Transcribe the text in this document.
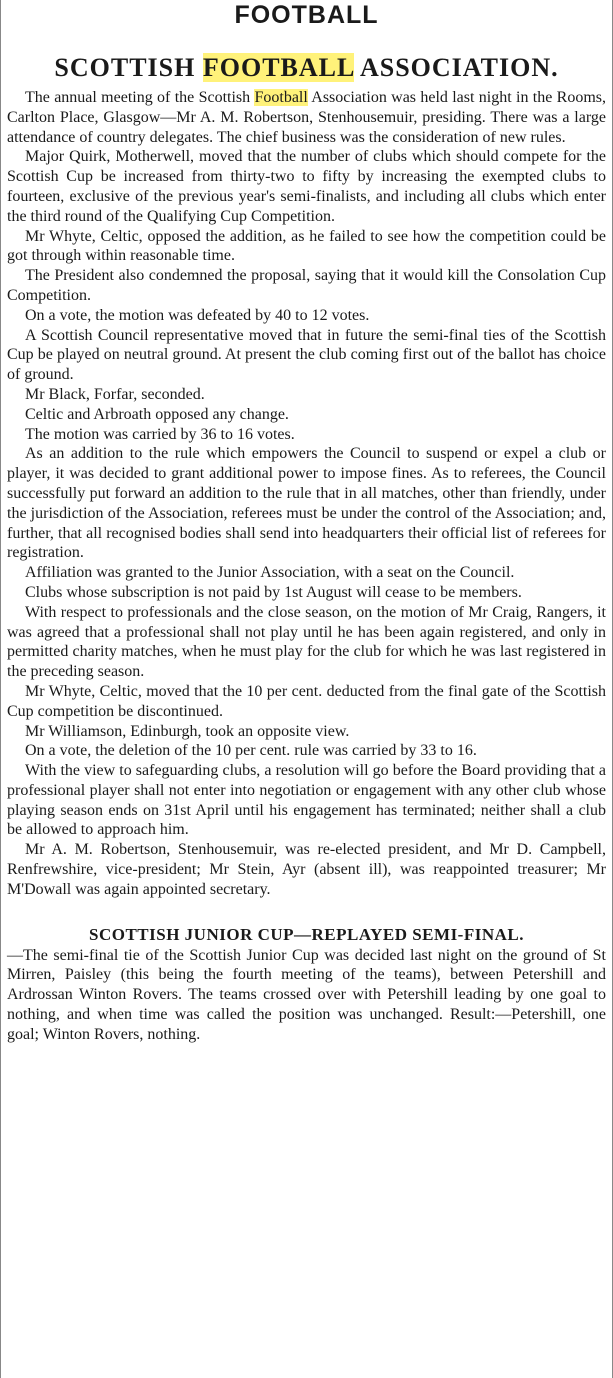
FOOTBALL
SCOTTISH FOOTBALL ASSOCIATION.

The annual meeting of the Scottish Football Association was held last night in the Rooms, Carlton Place, Glasgow—Mr A. M. Robertson, Stenhousemuir, presiding. There was a large attendance of country delegates. The chief business was the consideration of new rules.

Major Quirk, Motherwell, moved that the number of clubs which should compete for the Scottish Cup be increased from thirty-two to fifty by increasing the exempted clubs to fourteen, exclusive of the previous year's semi-finalists, and including all clubs which enter the third round of the Qualifying Cup Competition.

Mr Whyte, Celtic, opposed the addition, as he failed to see how the competition could be got through within reasonable time.

The President also condemned the proposal, saying that it would kill the Consolation Cup Competition.

On a vote, the motion was defeated by 40 to 12 votes.

A Scottish Council representative moved that in future the semi-final ties of the Scottish Cup be played on neutral ground. At present the club coming first out of the ballot has choice of ground.

Mr Black, Forfar, seconded.

Celtic and Arbroath opposed any change.

The motion was carried by 36 to 16 votes.

As an addition to the rule which empowers the Council to suspend or expel a club or player, it was decided to grant additional power to impose fines. As to referees, the Council successfully put forward an addition to the rule that in all matches, other than friendly, under the jurisdiction of the Association, referees must be under the control of the Association; and, further, that all recognised bodies shall send into headquarters their official list of referees for registration.

Affiliation was granted to the Junior Association, with a seat on the Council.

Clubs whose subscription is not paid by 1st August will cease to be members.

With respect to professionals and the close season, on the motion of Mr Craig, Rangers, it was agreed that a professional shall not play until he has been again registered, and only in permitted charity matches, when he must play for the club for which he was last registered in the preceding season.

Mr Whyte, Celtic, moved that the 10 per cent. deducted from the final gate of the Scottish Cup competition be discontinued.

Mr Williamson, Edinburgh, took an opposite view.

On a vote, the deletion of the 10 per cent. rule was carried by 33 to 16.

With the view to safeguarding clubs, a resolution will go before the Board providing that a professional player shall not enter into negotiation or engagement with any other club whose playing season ends on 31st April until his engagement has terminated; neither shall a club be allowed to approach him.

Mr A. M. Robertson, Stenhousemuir, was re-elected president, and Mr D. Campbell, Renfrewshire, vice-president; Mr Stein, Ayr (absent ill), was reappointed treasurer; Mr M'Dowall was again appointed secretary.

SCOTTISH JUNIOR CUP—REPLAYED SEMI-FINAL.

—The semi-final tie of the Scottish Junior Cup was decided last night on the ground of St Mirren, Paisley (this being the fourth meeting of the teams), between Petershill and Ardrossan Winton Rovers. The teams crossed over with Petershill leading by one goal to nothing, and when time was called the position was unchanged. Result:—Petershill, one goal; Winton Rovers, nothing.
